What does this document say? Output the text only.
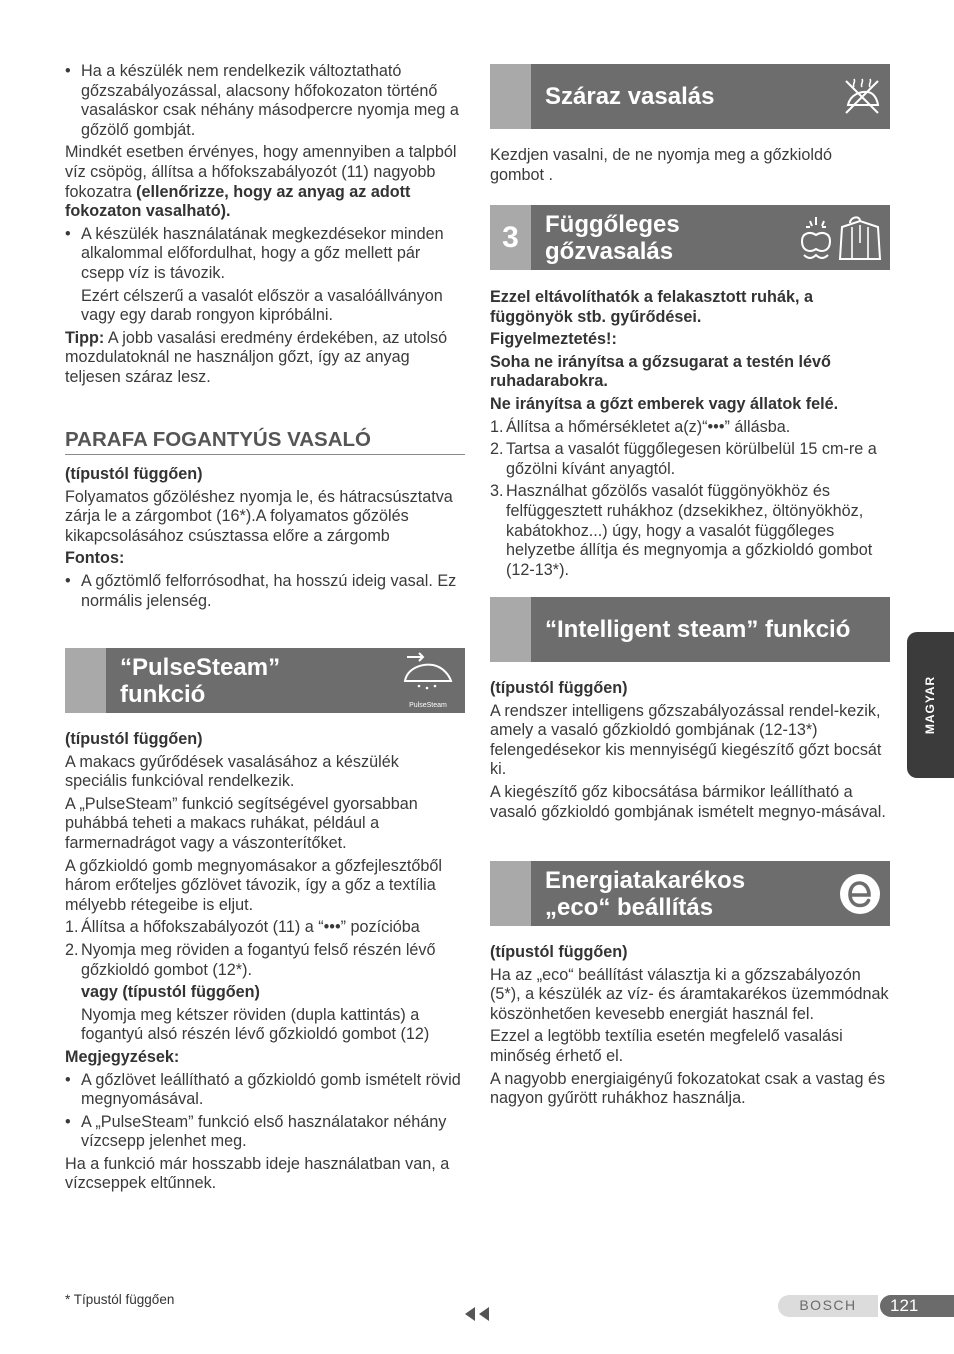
• Ha a készülék nem rendelkezik változtatható gőzszabályozással, alacsony hőfokozaton történő vasaláskor csak néhány másodpercre nyomja meg a gőzölő gombját.

Mindkét esetben érvényes, hogy amennyiben a talpból víz csöpög, állítsa a hőfokszabályozót (11) nagyobb fokozatra (ellenőrizze, hogy az anyag az adott fokozaton vasalható).

• A készülék használatának megkezdésekor minden alkalommal előfordulhat, hogy a gőz mellett pár csepp víz is távozik.

Ezért célszerű a vasalót először a vasalóállványon vagy egy darab rongyon kipróbálni.

Tipp: A jobb vasalási eredmény érdekében, az utolsó mozdulatoknál ne használjon gőzt, így az anyag teljesen száraz lesz.

PARAFA FOGANTYÚS VASALÓ

(típustól függően)

Folyamatos gőzöléshez nyomja le, és hátracsúsztatva zárja le a zárgombot (16*).A folyamatos gőzölés kikapcsolásához csúsztassa előre a zárgomb

Fontos:

• A gőztömlő felforrósodhat, ha hosszú ideig vasal. Ez normális jelenség.

“PulseSteam”
funkció	PulseSteam

(típustól függően)

A makacs gyűrődések vasalásához a készülék speciális funkcióval rendelkezik.

A „PulseSteam” funkció segítségével gyorsabban puhábbá teheti a makacs ruhákat, például a farmernadrágot vagy a vászonterítőket.

A gőzkioldó gomb megnyomásakor a gőzfejlesztőből három erőteljes gőzlövet távozik, így a gőz a textília mélyebb rétegeibe is eljut.

1. Állítsa a hőfokszabályozót (11) a “•••” pozícióba

2. Nyomja meg röviden a fogantyú felső részén lévő gőzkioldó gombot (12*).

vagy (típustól függően)

Nyomja meg kétszer röviden (dupla kattintás) a fogantyú alsó részén lévő gőzkioldó gombot (12)

Megjegyzések:

• A gőzlövet leállítható a gőzkioldó gomb ismételt rövid megnyomásával.

• A „PulseSteam” funkció első használatakor néhány vízcsepp jelenhet meg.

Ha a funkció már hosszabb ideje használatban van, a vízcseppek eltűnnek.

Száraz vasalás

Kezdjen vasalni, de ne nyomja meg a gőzkioldó gombot .

3	Függőleges
gőzvasalás

Ezzel eltávolíthatók a felakasztott ruhák, a függönyök stb. gyűrődései.

Figyelmeztetés!:

Soha ne irányítsa a gőzsugarat a testén lévő ruhadarabokra.

Ne irányítsa a gőzt emberek vagy állatok felé.

1. Állítsa a hőmérsékletet a(z)“•••” állásba.

2. Tartsa a vasalót függőlegesen körülbelül 15 cm-re a gőzölni kívánt anyagtól.

3. Használhat gőzölős vasalót függönyökhöz és felfüggesztett ruhákhoz (dzsekikhez, öltönyökhöz, kabátokhoz...) úgy, hogy a vasalót függőleges helyzetbe állítja és megnyomja a gőzkioldó gombot (12-13*).

“Intelligent steam” funkció

(típustól függően)

A rendszer intelligens gőzszabályozással rendel-kezik, amely a vasaló gőzkioldó gombjának (12-13*) felengedésekor kis mennyiségű kiegészítő gőzt bocsát ki.

A kiegészítő gőz kibocsátása bármikor leállítható a vasaló gőzkioldó gombjának ismételt megnyo-másával.

Energiatakarékos
„eco“ beállítás

(típustól függően)

Ha az „eco“ beállítást választja ki a gőzszabályozón (5*), a készülék az víz- és áramtakarékos üzemmódnak köszönhetően kevesebb energiát használ fel.

Ezzel a legtöbb textília esetén megfelelő vasalási minőség érhető el.

A nagyobb energiaigényű fokozatokat csak a vastag és nagyon gyűrött ruhákhoz használja.

MAGYAR
* Típustól függően	BOSCH	121
